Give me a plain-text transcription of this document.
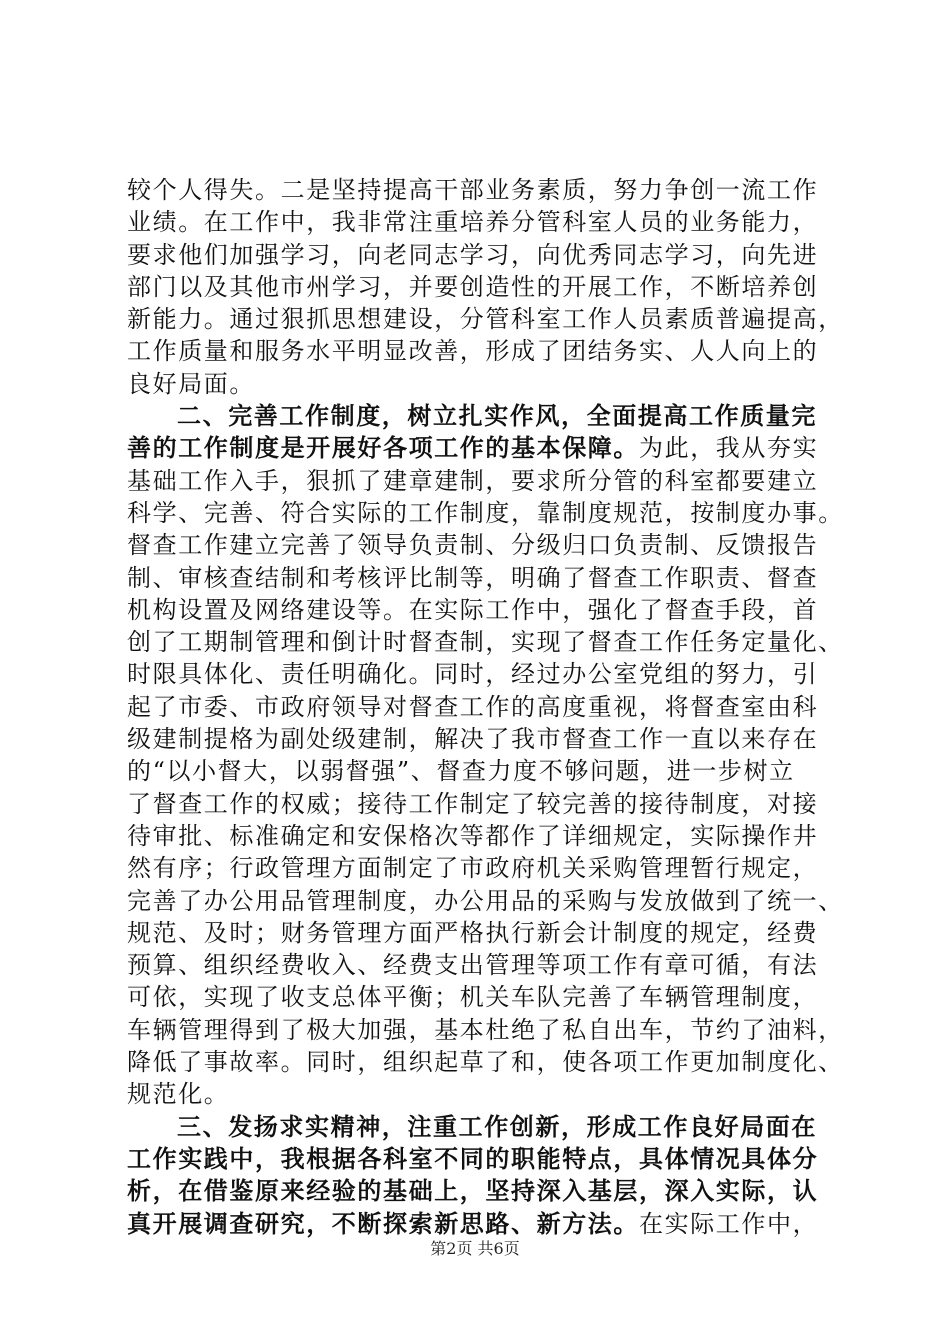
较个人得失。二是坚持提高干部业务素质，努力争创一流工作
业绩。在工作中，我非常注重培养分管科室人员的业务能力，
要求他们加强学习，向老同志学习，向优秀同志学习，向先进
部门以及其他市州学习，并要创造性的开展工作，不断培养创
新能力。通过狠抓思想建设，分管科室工作人员素质普遍提高，
工作质量和服务水平明显改善，形成了团结务实、人人向上的
良好局面。
二、完善工作制度，树立扎实作风，全面提高工作质量完
善的工作制度是开展好各项工作的基本保障。为此，我从夯实
基础工作入手，狠抓了建章建制，要求所分管的科室都要建立
科学、完善、符合实际的工作制度，靠制度规范，按制度办事。
督查工作建立完善了领导负责制、分级归口负责制、反馈报告
制、审核查结制和考核评比制等，明确了督查工作职责、督查
机构设置及网络建设等。在实际工作中，强化了督查手段，首
创了工期制管理和倒计时督查制，实现了督查工作任务定量化、
时限具体化、责任明确化。同时，经过办公室党组的努力，引
起了市委、市政府领导对督查工作的高度重视，将督查室由科
级建制提格为副处级建制，解决了我市督查工作一直以来存在
的“以小督大，以弱督强”、督查力度不够问题，进一步树立
了督查工作的权威；接待工作制定了较完善的接待制度，对接
待审批、标准确定和安保格次等都作了详细规定，实际操作井
然有序；行政管理方面制定了市政府机关采购管理暂行规定，
完善了办公用品管理制度，办公用品的采购与发放做到了统一、
规范、及时；财务管理方面严格执行新会计制度的规定，经费
预算、组织经费收入、经费支出管理等项工作有章可循，有法
可依，实现了收支总体平衡；机关车队完善了车辆管理制度，
车辆管理得到了极大加强，基本杜绝了私自出车，节约了油料，
降低了事故率。同时，组织起草了和，使各项工作更加制度化、
规范化。
三、发扬求实精神，注重工作创新，形成工作良好局面在
工作实践中，我根据各科室不同的职能特点，具体情况具体分
析，在借鉴原来经验的基础上，坚持深入基层，深入实际，认
真开展调查研究，不断探索新思路、新方法。在实际工作中，
第2页 共6页
